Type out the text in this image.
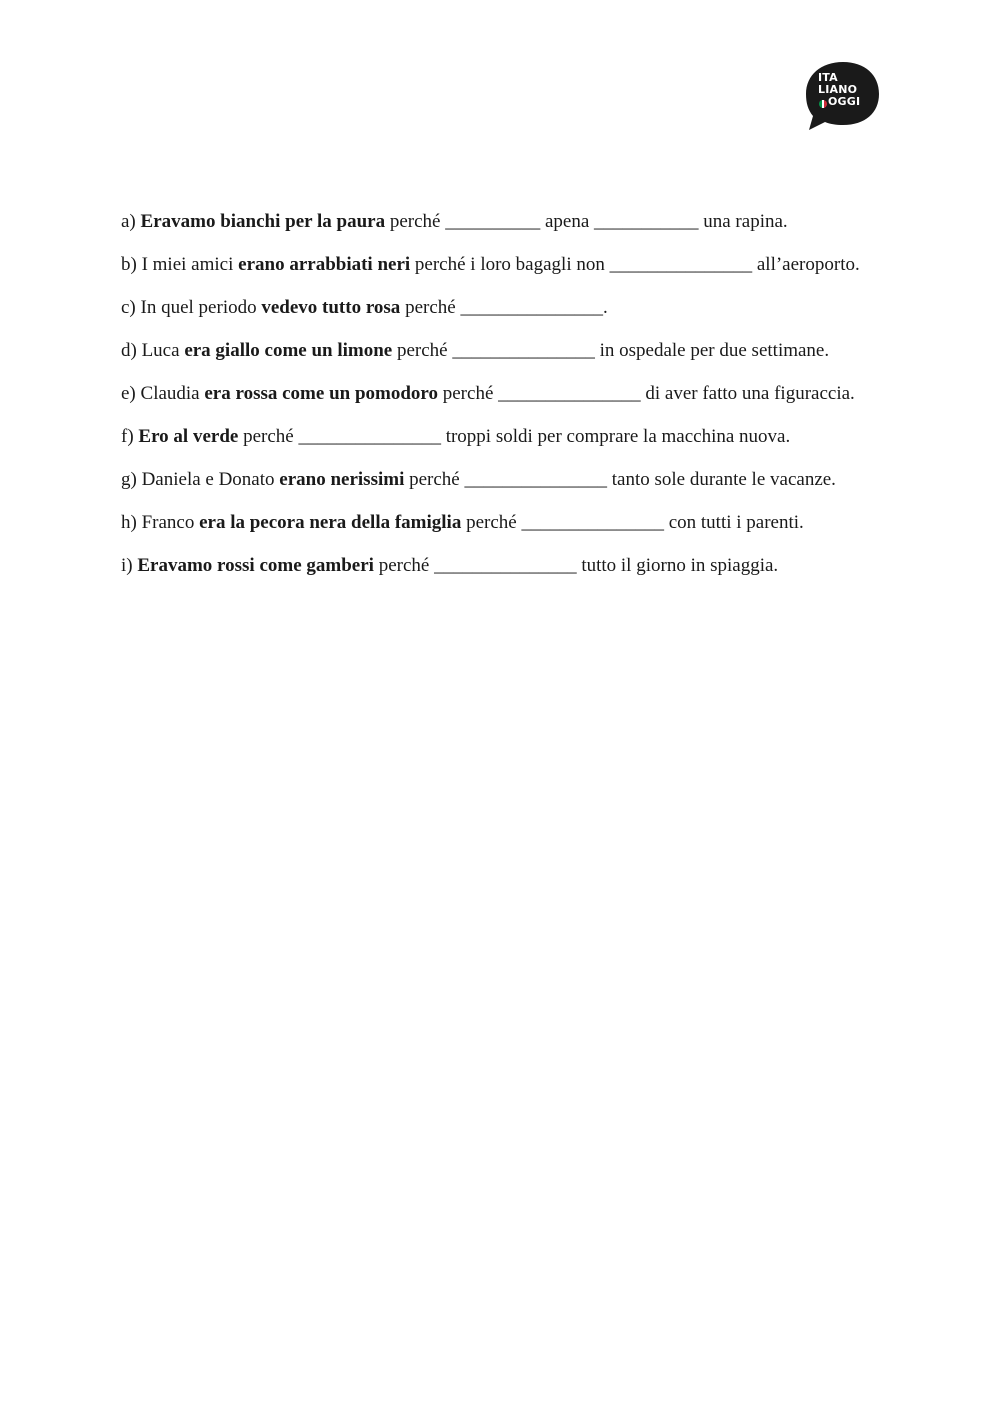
ITA
LIANO
OGGI

a) Eravamo bianchi per la paura perché __________ apena ___________ una rapina.

b) I miei amici erano arrabbiati neri perché i loro bagagli non _______________ all’aeroporto.

c) In quel periodo vedevo tutto rosa perché _______________.

d) Luca era giallo come un limone perché _______________ in ospedale per due settimane.

e) Claudia era rossa come un pomodoro perché _______________ di aver fatto una figuraccia.

f) Ero al verde perché _______________ troppi soldi per comprare la macchina nuova.

g) Daniela e Donato erano nerissimi perché _______________ tanto sole durante le vacanze.

h) Franco era la pecora nera della famiglia perché _______________ con tutti i parenti.

i) Eravamo rossi come gamberi perché _______________ tutto il giorno in spiaggia.
